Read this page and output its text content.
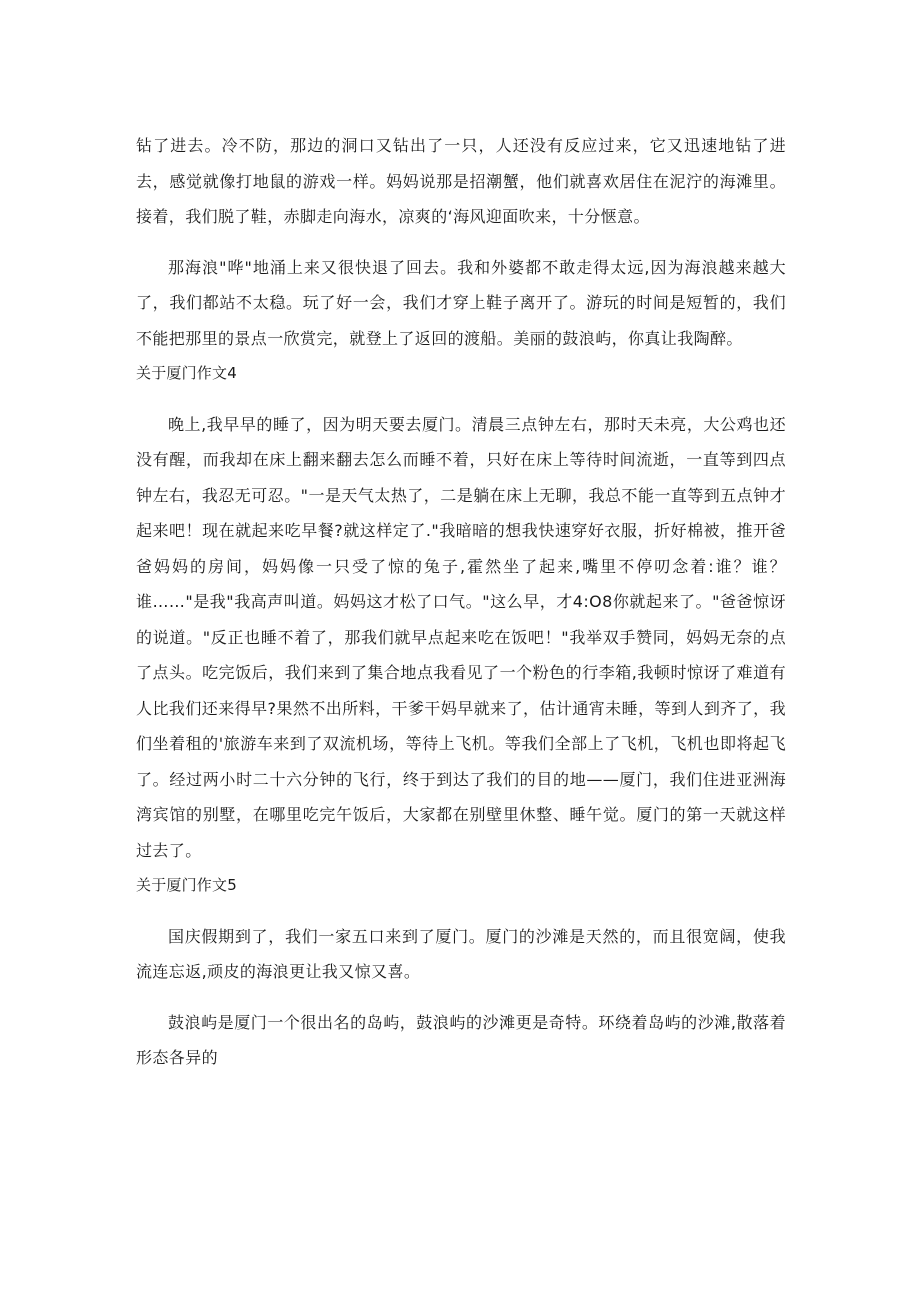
钻了进去。冷不防，那边的洞口又钻出了一只，人还没有反应过来，它又迅速地钻了进去，感觉就像打地鼠的游戏一样。妈妈说那是招潮蟹，他们就喜欢居住在泥泞的海滩里。接着，我们脱了鞋，赤脚走向海水，凉爽的‘海风迎面吹来，十分惬意。

那海浪"哗"地涌上来又很快退了回去。我和外婆都不敢走得太远,因为海浪越来越大了，我们都站不太稳。玩了好一会，我们才穿上鞋子离开了。游玩的时间是短暂的，我们不能把那里的景点一欣赏完，就登上了返回的渡船。美丽的鼓浪屿，你真让我陶醉。

关于厦门作文4

晚上,我早早的睡了，因为明天要去厦门。清晨三点钟左右，那时天未亮，大公鸡也还没有醒，而我却在床上翻来翻去怎么而睡不着，只好在床上等待时间流逝，一直等到四点钟左右，我忍无可忍。"一是天气太热了，二是躺在床上无聊，我总不能一直等到五点钟才起来吧！现在就起来吃早餐?就这样定了."我暗暗的想我快速穿好衣服，折好棉被，推开爸爸妈妈的房间，妈妈像一只受了惊的兔子,霍然坐了起来,嘴里不停叨念着:谁？谁？谁……"是我"我高声叫道。妈妈这才松了口气。"这么早，才4:O8你就起来了。"爸爸惊讶的说道。"反正也睡不着了，那我们就早点起来吃在饭吧！"我举双手赞同，妈妈无奈的点了点头。吃完饭后，我们来到了集合地点我看见了一个粉色的行李箱,我顿时惊讶了难道有人比我们还来得早?果然不出所料，干爹干妈早就来了，估计通宵未睡，等到人到齐了，我们坐着租的'旅游车来到了双流机场，等待上飞机。等我们全部上了飞机，飞机也即将起飞了。经过两小时二十六分钟的飞行，终于到达了我们的目的地——厦门，我们住进亚洲海湾宾馆的别墅，在哪里吃完午饭后，大家都在别壁里休整、睡午觉。厦门的第一天就这样过去了。

关于厦门作文5

国庆假期到了，我们一家五口来到了厦门。厦门的沙滩是天然的，而且很宽阔，使我流连忘返,顽皮的海浪更让我又惊又喜。

鼓浪屿是厦门一个很出名的岛屿，鼓浪屿的沙滩更是奇特。环绕着岛屿的沙滩,散落着形态各异的
